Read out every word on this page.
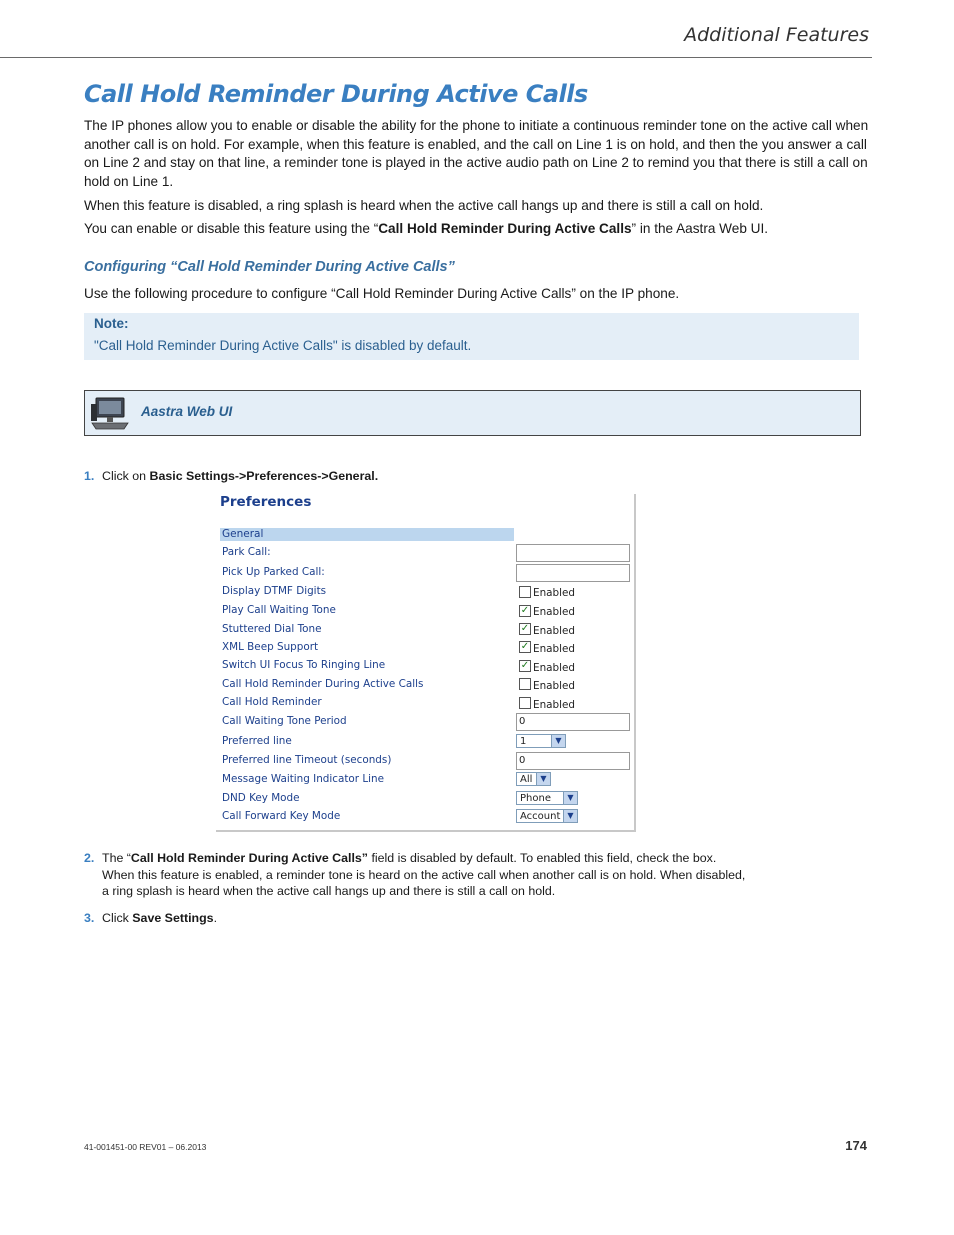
Additional Features
Call Hold Reminder During Active Calls
The IP phones allow you to enable or disable the ability for the phone to initiate a continuous reminder tone on the active call when another call is on hold. For example, when this feature is enabled, and the call on Line 1 is on hold, and then the you answer a call on Line 2 and stay on that line, a reminder tone is played in the active audio path on Line 2 to remind you that there is still a call on hold on Line 1.
When this feature is disabled, a ring splash is heard when the active call hangs up and there is still a call on hold.
You can enable or disable this feature using the “Call Hold Reminder During Active Calls” in the Aastra Web UI.
Configuring “Call Hold Reminder During Active Calls”
Use the following procedure to configure “Call Hold Reminder During Active Calls” on the IP phone.
Note:
"Call Hold Reminder During Active Calls" is disabled by default.
Aastra Web UI
1. Click on Basic Settings->Preferences->General.
Preferences
General
Park Call:
Pick Up Parked Call:
Display DTMF Digits	Enabled
Play Call Waiting Tone	✓ Enabled
Stuttered Dial Tone	✓ Enabled
XML Beep Support	✓ Enabled
Switch UI Focus To Ringing Line	✓ Enabled
Call Hold Reminder During Active Calls	Enabled
Call Hold Reminder	Enabled
Call Waiting Tone Period	0
Preferred line	1	▼
Preferred line Timeout (seconds)	0
Message Waiting Indicator Line	All	▼
DND Key Mode	Phone	▼
Call Forward Key Mode	Account ▼
2. The “Call Hold Reminder During Active Calls” field is disabled by default. To enabled this field, check the box.
When this feature is enabled, a reminder tone is heard on the active call when another call is on hold. When disabled,
a ring splash is heard when the active call hangs up and there is still a call on hold.
3. Click Save Settings.
41-001451-00 REV01 – 06.2013	174
